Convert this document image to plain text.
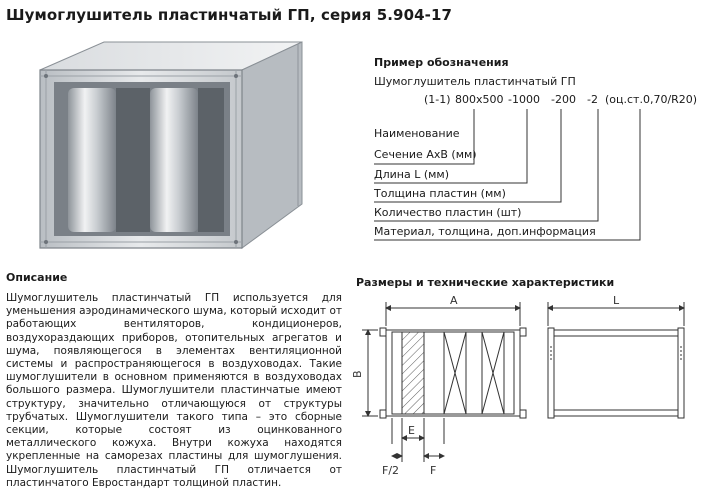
Шумоглушитель пластинчатый ГП, серия 5.904-17
Пример обозначения
Шумоглушитель пластинчатый ГП
(1-1) 800x500 -1000 -200 -2 (оц.ст.0,70/R20)
Наименование
Сечение АхВ (мм)
Длина L (мм)
Толщина пластин (мм)
Количество пластин (шт)
Материал, толщина, доп.информация
Описание
Шумоглушитель пластинчатый ГП используется для уменьшения аэродинамического шума, который исходит от работающих вентиляторов, кондиционеров, воздухораздающих приборов, отопительных агрегатов и шума, появляющегося в элементах вентиляционной системы и распространяющегося в воздуховодах. Такие шумоглушители в основном применяются в воздуховодах большого размера. Шумоглушители пластинчатые имеют структуру, значительно отличающуюся от структуры трубчатых. Шумоглушители такого типа – это сборные секции, которые состоят из оцинкованного металлического кожуха. Внутри кожуха находятся укрепленные на саморезах пластины для шумоглушения. Шумоглушитель пластинчатый ГП отличается от пластинчатого Евростандарт толщиной пластин.
Размеры и технические характеристики
A
B
E
F/2	F
L
